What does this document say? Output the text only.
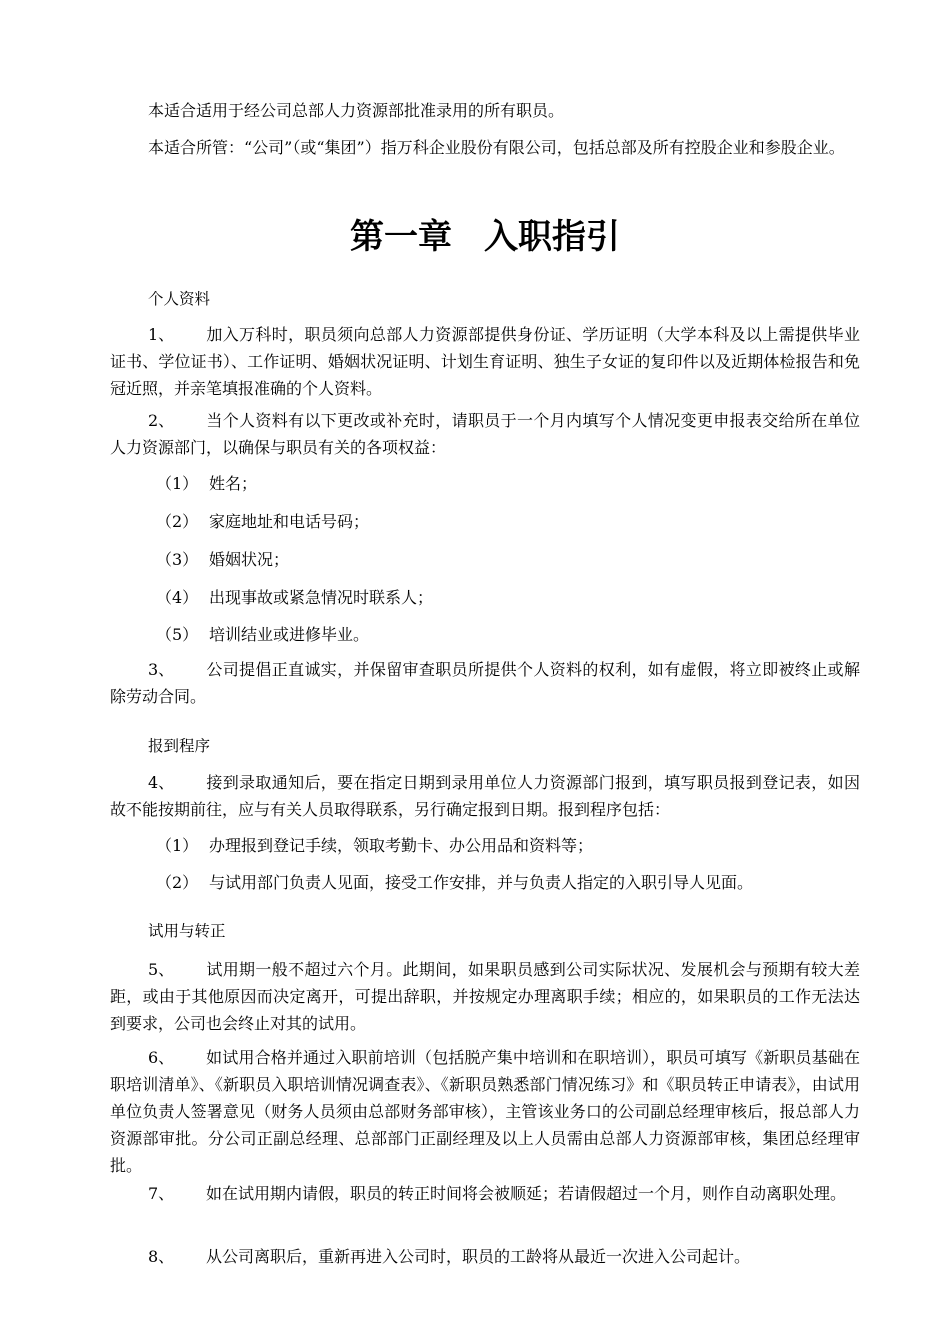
本适合适用于经公司总部人力资源部批准录用的所有职员。

本适合所管：“公司”（或“集团”）指万科企业股份有限公司，包括总部及所有控股企业和参股企业。

第一章 入职指引
个人资料

1、 加入万科时，职员须向总部人力资源部提供身份证、学历证明（大学本科及以上需提供毕业证书、学位证书）、工作证明、婚姻状况证明、计划生育证明、独生子女证的复印件以及近期体检报告和免冠近照，并亲笔填报准确的个人资料。

2、 当个人资料有以下更改或补充时，请职员于一个月内填写个人情况变更申报表交给所在单位人力资源部门，以确保与职员有关的各项权益：

（1） 姓名；
（2） 家庭地址和电话号码；
（3） 婚姻状况；
（4） 出现事故或紧急情况时联系人；
（5） 培训结业或进修毕业。

3、 公司提倡正直诚实，并保留审查职员所提供个人资料的权利，如有虚假，将立即被终止或解除劳动合同。

报到程序

4、 接到录取通知后，要在指定日期到录用单位人力资源部门报到，填写职员报到登记表，如因故不能按期前往，应与有关人员取得联系，另行确定报到日期。报到程序包括：

（1） 办理报到登记手续，领取考勤卡、办公用品和资料等；
（2） 与试用部门负责人见面，接受工作安排，并与负责人指定的入职引导人见面。
试用与转正

5、 试用期一般不超过六个月。此期间，如果职员感到公司实际状况、发展机会与预期有较大差距，或由于其他原因而决定离开，可提出辞职，并按规定办理离职手续；相应的，如果职员的工作无法达到要求，公司也会终止对其的试用。

6、 如试用合格并通过入职前培训（包括脱产集中培训和在职培训），职员可填写《新职员基础在职培训清单》、《新职员入职培训情况调查表》、《新职员熟悉部门情况练习》和《职员转正申请表》，由试用单位负责人签署意见（财务人员须由总部财务部审核），主管该业务口的公司副总经理审核后，报总部人力资源部审批。分公司正副总经理、总部部门正副经理及以上人员需由总部人力资源部审核，集团总经理审批。

7、 如在试用期内请假，职员的转正时间将会被顺延；若请假超过一个月，则作自动离职处理。

8、 从公司离职后，重新再进入公司时，职员的工龄将从最近一次进入公司起计。
